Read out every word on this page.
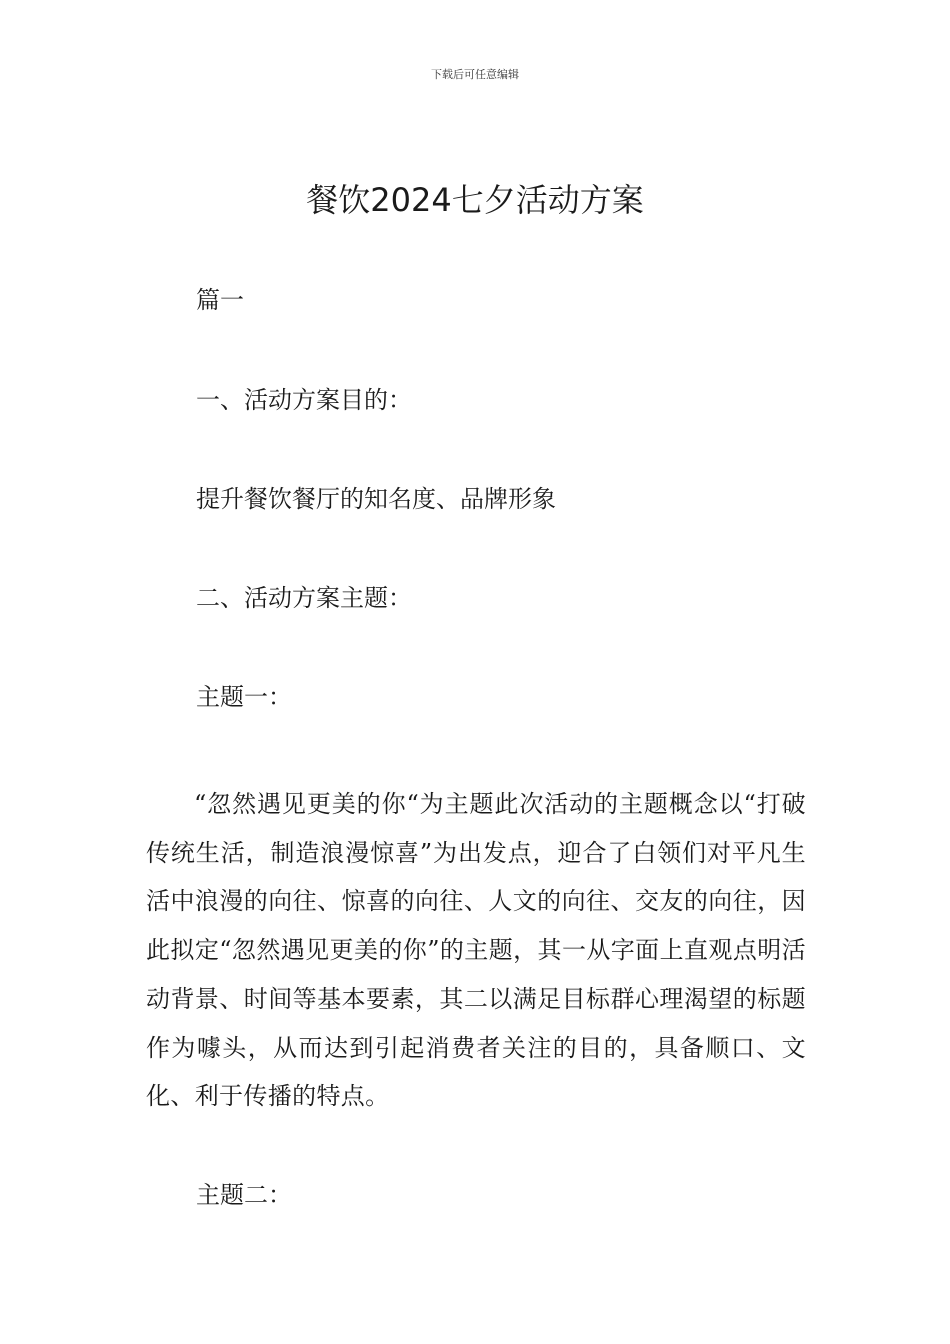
下载后可任意编辑
餐饮2024七夕活动方案

篇一

一、活动方案目的：

提升餐饮餐厅的知名度、品牌形象

二、活动方案主题：

主题一：

“忽然遇见更美的你“为主题此次活动的主题概念以“打破传统生活，制造浪漫惊喜”为出发点，迎合了白领们对平凡生活中浪漫的向往、惊喜的向往、人文的向往、交友的向往，因此拟定“忽然遇见更美的你”的主题，其一从字面上直观点明活动背景、时间等基本要素，其二以满足目标群心理渴望的标题作为噱头，从而达到引起消费者关注的目的，具备顺口、文化、利于传播的特点。

主题二：
